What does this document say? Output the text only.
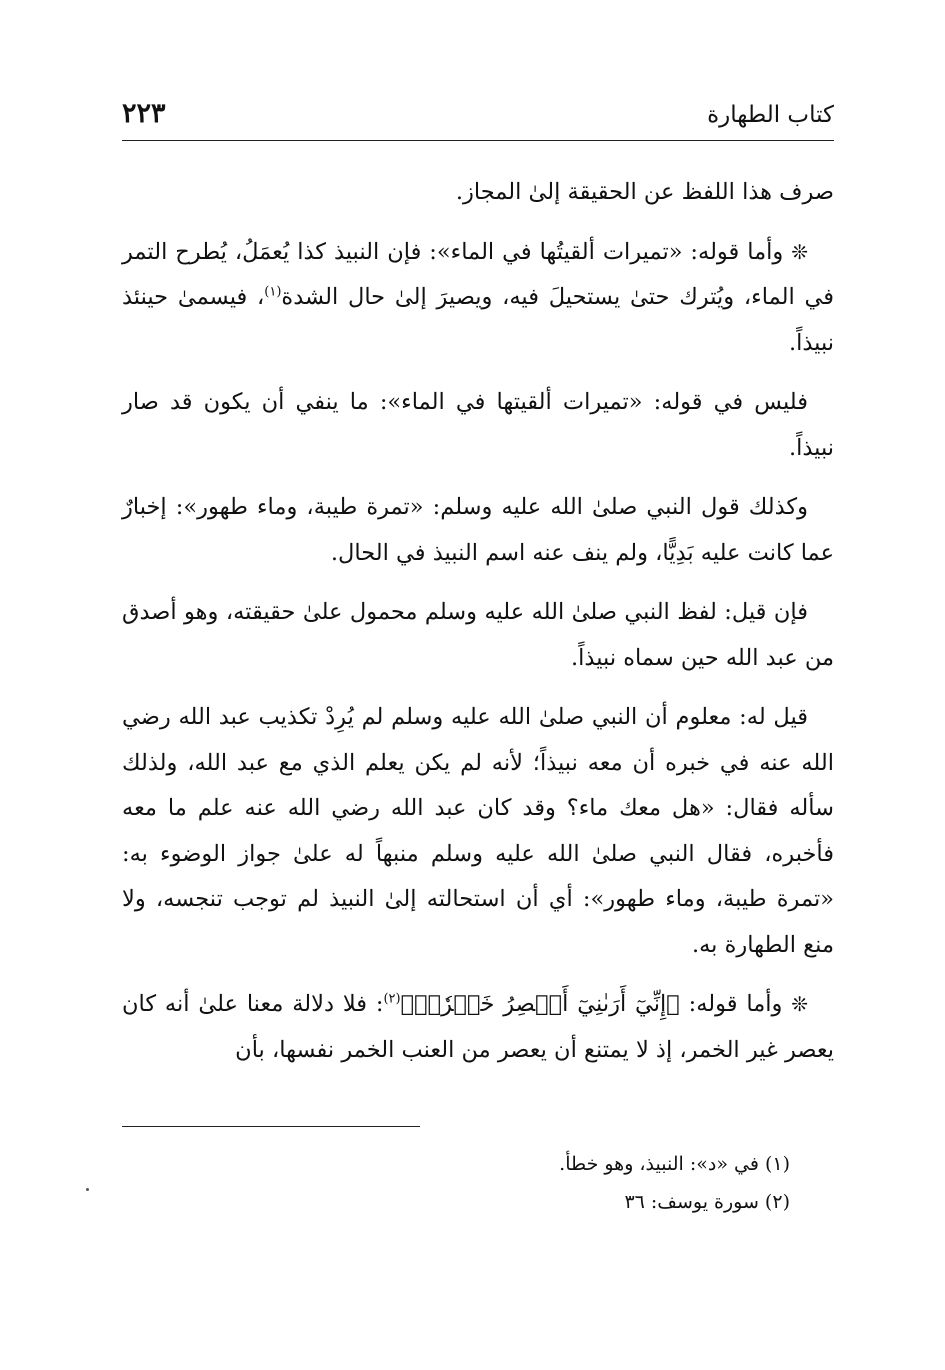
كتاب الطهارة
٢٢٣

صرف هذا اللفظ عن الحقيقة إلىٰ المجاز.

❊ وأما قوله: «تميرات ألقيتُها في الماء»: فإن النبيذ كذا يُعمَلُ، يُطرح التمر في الماء، ويُترك حتىٰ يستحيلَ فيه، ويصيرَ إلىٰ حال الشدة$^{(١)}$، فيسمىٰ حينئذ نبيذاً.

فليس في قوله: «تميرات ألقيتها في الماء»: ما ينفي أن يكون قد صار نبيذاً.

وكذلك قول النبي صلىٰ الله عليه وسلم: «تمرة طيبة، وماء طهور»: إخبارٌ عما كانت عليه بَدِيًّا، ولم ينف عنه اسم النبيذ في الحال.

فإن قيل: لفظ النبي صلىٰ الله عليه وسلم محمول علىٰ حقيقته، وهو أصدق من عبد الله حين سماه نبيذاً.

قيل له: معلوم أن النبي صلىٰ الله عليه وسلم لم يُرِدْ تكذيب عبد الله رضي الله عنه في خبره أن معه نبيذاً؛ لأنه لم يكن يعلم الذي مع عبد الله، ولذلك سأله فقال: «هل معك ماء؟ وقد كان عبد الله رضي الله عنه علم ما معه فأخبره، فقال النبي صلىٰ الله عليه وسلم منبهاً له علىٰ جواز الوضوء به: «تمرة طيبة، وماء طهور»: أي أن استحالته إلىٰ النبيذ لم توجب تنجسه، ولا منع الطهارة به.

❊ وأما قوله: ﴿إِنِّيٓ أَرَىٰنِيٓ أَعۡصِرُ خَمۡرٗاۖ﴾$^{(٢)}$: فلا دلالة معنا علىٰ أنه كان يعصر غير الخمر، إذ لا يمتنع أن يعصر من العنب الخمر نفسها، بأن

(١) في «د»: النبيذ، وهو خطأ.
(٢) سورة يوسف: ٣٦
